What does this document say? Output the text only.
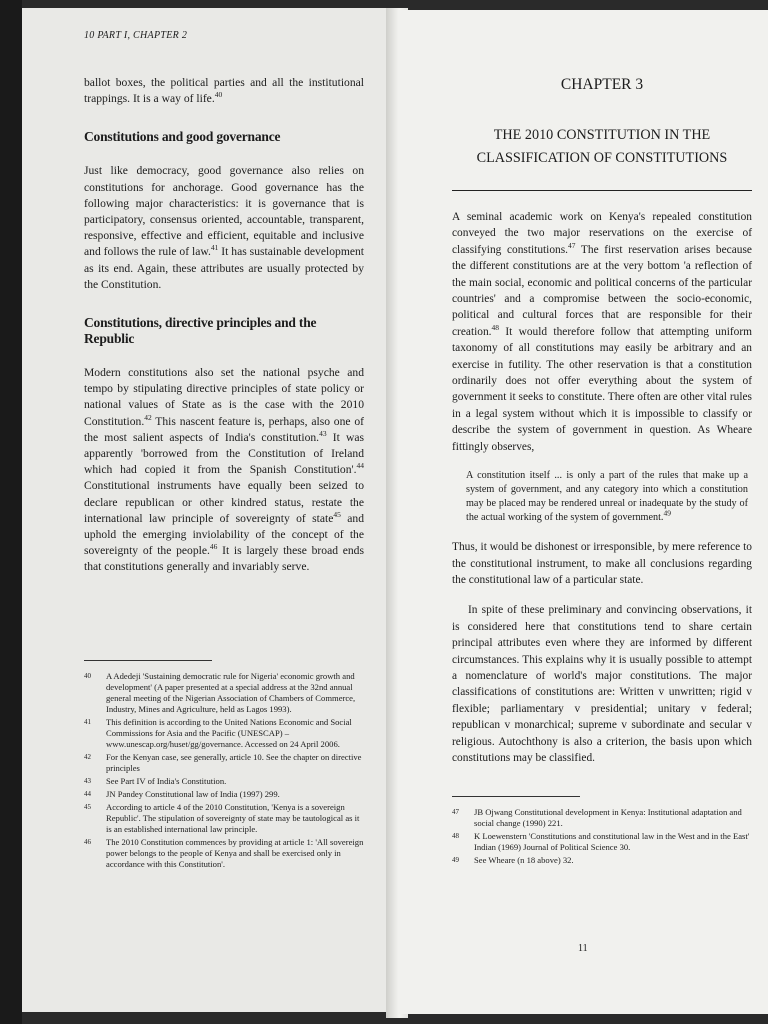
10 PART I, CHAPTER 2

ballot boxes, the political parties and all the institutional trappings. It is a way of life.$^{40}$

Constitutions and good governance

Just like democracy, good governance also relies on constitutions for anchorage. Good governance has the following major characteristics: it is governance that is participatory, consensus oriented, accountable, transparent, responsive, effective and efficient, equitable and inclusive and follows the rule of law.$^{41}$ It has sustainable development as its end. Again, these attributes are usually protected by the Constitution.

Constitutions, directive principles and the Republic

Modern constitutions also set the national psyche and tempo by stipulating directive principles of state policy or national values of State as is the case with the 2010 Constitution.$^{42}$ This nascent feature is, perhaps, also one of the most salient aspects of India's constitution.$^{43}$ It was apparently 'borrowed from the Constitution of Ireland which had copied it from the Spanish Constitution'.$^{44}$ Constitutional instruments have equally been seized to declare republican or other kindred status, restate the international law principle of sovereignty of state$^{45}$ and uphold the emerging inviolability of the concept of the sovereignty of the people.$^{46}$ It is largely these broad ends that constitutions generally and invariably serve.

40	A Adedeji 'Sustaining democratic rule for Nigeria' economic growth and development' (A paper presented at a special address at the 32nd annual general meeting of the Nigerian Association of Chambers of Commerce, Industry, Mines and Agriculture, held as Lagos 1993).
41	This definition is according to the United Nations Economic and Social Commissions for Asia and the Pacific (UNESCAP) – www.unescap.org/huset/gg/governance. Accessed on 24 April 2006.
42	For the Kenyan case, see generally, article 10. See the chapter on directive principles
43	See Part IV of India's Constitution.
44	JN Pandey Constitutional law of India (1997) 299.
45	According to article 4 of the 2010 Constitution, 'Kenya is a sovereign Republic'. The stipulation of sovereignty of state may be tautological as it is an established international law principle.
46	The 2010 Constitution commences by providing at article 1: 'All sovereign power belongs to the people of Kenya and shall be exercised only in accordance with this Constitution'.
CHAPTER 3
THE 2010 CONSTITUTION IN THE
CLASSIFICATION OF CONSTITUTIONS

A seminal academic work on Kenya's repealed constitution conveyed the two major reservations on the exercise of classifying constitutions.$^{47}$ The first reservation arises because the different constitutions are at the very bottom 'a reflection of the main social, economic and political concerns of the particular countries' and a compromise between the socio-economic, political and cultural forces that are responsible for their creation.$^{48}$ It would therefore follow that attempting uniform taxonomy of all constitutions may easily be arbitrary and an exercise in futility. The other reservation is that a constitution ordinarily does not offer everything about the system of government it seeks to constitute. There often are other vital rules in a legal system without which it is impossible to classify or describe the system of government in question. As Wheare fittingly observes,

A constitution itself ... is only a part of the rules that make up a system of government, and any category into which a constitution may be placed may be rendered unreal or inadequate by the study of the actual working of the system of government.$^{49}$

Thus, it would be dishonest or irresponsible, by mere reference to the constitutional instrument, to make all conclusions regarding the constitutional law of a particular state.

In spite of these preliminary and convincing observations, it is considered here that constitutions tend to share certain principal attributes even where they are informed by different circumstances. This explains why it is usually possible to attempt a nomenclature of world's major constitutions. The major classifications of constitutions are: Written v unwritten; rigid v flexible; parliamentary v presidential; unitary v federal; republican v monarchical; supreme v subordinate and secular v religious. Autochthony is also a criterion, the basis upon which constitutions may be classified.

47	JB Ojwang Constitutional development in Kenya: Institutional adaptation and social change (1990) 221.
48	K Loewenstern 'Constitutions and constitutional law in the West and in the East' Indian (1969) Journal of Political Science 30.
49	See Wheare (n 18 above) 32.
11
